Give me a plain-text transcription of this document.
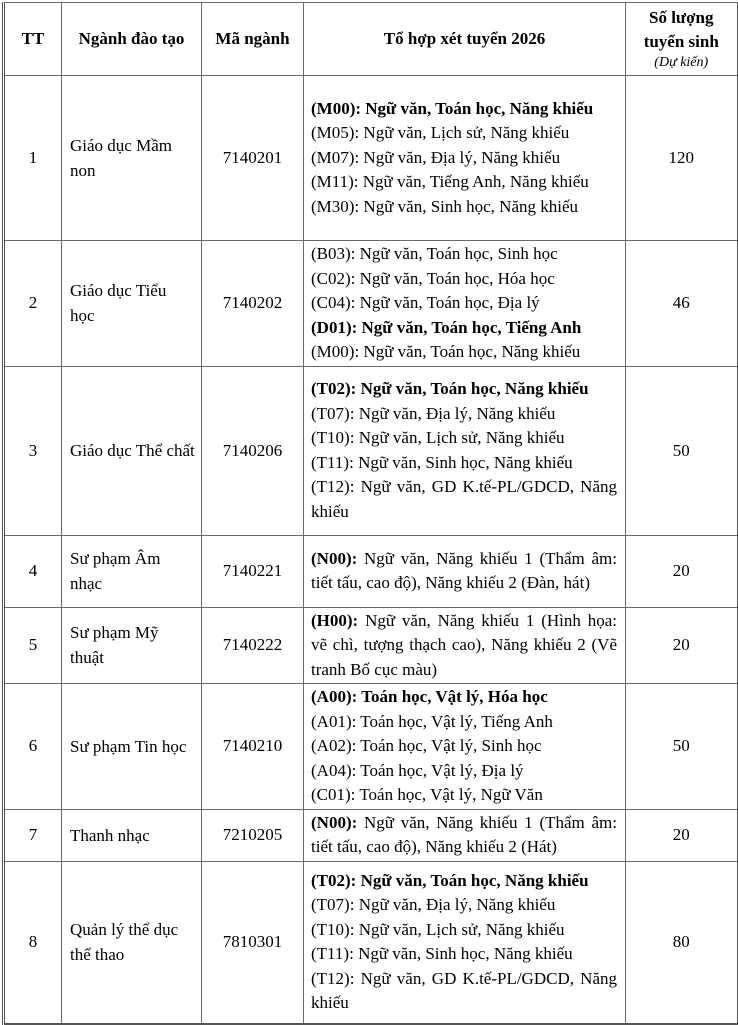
TT	Ngành đào tạo	Mã ngành	Tổ hợp xét tuyển 2026	Số lượng tuyển sinh
(Dự kiến)

1	Giáo dục Mầm non	7140201	(M00): Ngữ văn, Toán học, Năng khiếu
(M05): Ngữ văn, Lịch sử, Năng khiếu
(M07): Ngữ văn, Địa lý, Năng khiếu
(M11): Ngữ văn, Tiếng Anh, Năng khiếu
(M30): Ngữ văn, Sinh học, Năng khiếu	120
2	Giáo dục Tiểu học	7140202	(B03): Ngữ văn, Toán học, Sinh học
(C02): Ngữ văn, Toán học, Hóa học
(C04): Ngữ văn, Toán học, Địa lý
(D01): Ngữ văn, Toán học, Tiếng Anh
(M00): Ngữ văn, Toán học, Năng khiếu	46
3	Giáo dục Thể chất	7140206	(T02): Ngữ văn, Toán học, Năng khiếu
(T07): Ngữ văn, Địa lý, Năng khiếu
(T10): Ngữ văn, Lịch sử, Năng khiếu
(T11): Ngữ văn, Sinh học, Năng khiếu
(T12): Ngữ văn, GD K.tế-PL/GDCD, Năng khiếu	50
4	Sư phạm Âm nhạc	7140221	(N00): Ngữ văn, Năng khiếu 1 (Thẩm âm: tiết tấu, cao độ), Năng khiếu 2 (Đàn, hát)	20
5	Sư phạm Mỹ thuật	7140222	(H00): Ngữ văn, Năng khiếu 1 (Hình họa: vẽ chì, tượng thạch cao), Năng khiếu 2 (Vẽ tranh Bố cục màu)	20
6	Sư phạm Tin học	7140210	(A00): Toán học, Vật lý, Hóa học
(A01): Toán học, Vật lý, Tiếng Anh
(A02): Toán học, Vật lý, Sinh học
(A04): Toán học, Vật lý, Địa lý
(C01): Toán học, Vật lý, Ngữ Văn	50
7	Thanh nhạc	7210205	(N00): Ngữ văn, Năng khiếu 1 (Thẩm âm: tiết tấu, cao độ), Năng khiếu 2 (Hát)	20
8	Quản lý thể dục thể thao	7810301	(T02): Ngữ văn, Toán học, Năng khiếu
(T07): Ngữ văn, Địa lý, Năng khiếu
(T10): Ngữ văn, Lịch sử, Năng khiếu
(T11): Ngữ văn, Sinh học, Năng khiếu
(T12): Ngữ văn, GD K.tế-PL/GDCD, Năng khiếu	80
